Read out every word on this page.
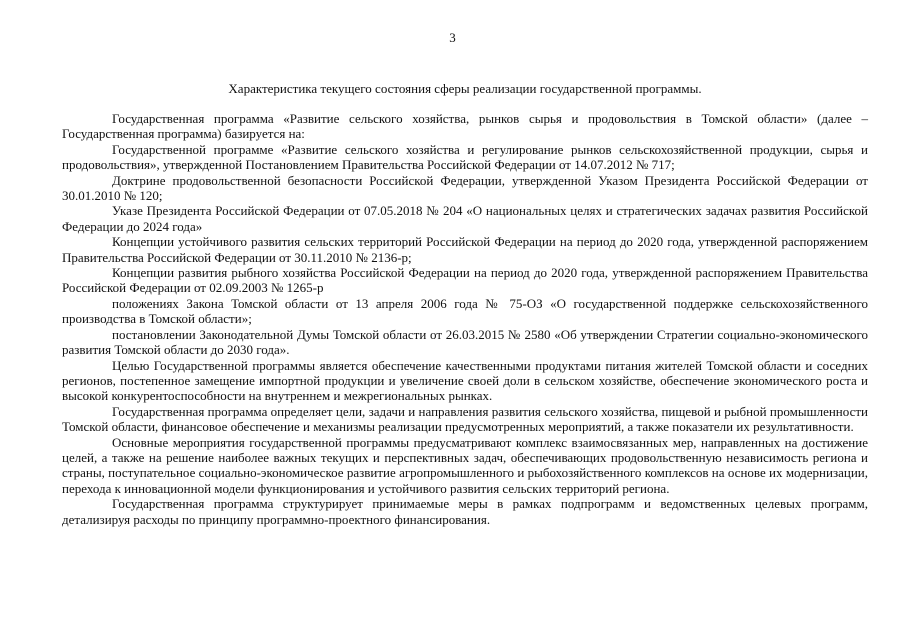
3
Характеристика текущего состояния сферы реализации государственной программы.

Государственная программа «Развитие сельского хозяйства, рынков сырья и продовольствия в Томской области» (далее – Государственная программа) базируется на:

Государственной программе «Развитие сельского хозяйства и регулирование рынков сельскохозяйственной продукции, сырья и продовольствия», утвержденной Постановлением Правительства Российской Федерации от 14.07.2012 № 717;

Доктрине продовольственной безопасности Российской Федерации, утвержденной Указом Президента Российской Федерации от 30.01.2010 № 120;

Указе Президента Российской Федерации от 07.05.2018 № 204 «О национальных целях и стратегических задачах развития Российской Федерации до 2024 года»

Концепции устойчивого развития сельских территорий Российской Федерации на период до 2020 года, утвержденной распоряжением Правительства Российской Федерации от 30.11.2010 № 2136-р;

Концепции развития рыбного хозяйства Российской Федерации на период до 2020 года, утвержденной распоряжением Правительства Российской Федерации от 02.09.2003 № 1265-р

положениях Закона Томской области от 13 апреля 2006 года № 75-ОЗ «О государственной поддержке сельскохозяйственного производства в Томской области»;

постановлении Законодательной Думы Томской области от 26.03.2015 № 2580 «Об утверждении Стратегии социально-экономического развития Томской области до 2030 года».

Целью Государственной программы является обеспечение качественными продуктами питания жителей Томской области и соседних регионов, постепенное замещение импортной продукции и увеличение своей доли в сельском хозяйстве, обеспечение экономического роста и высокой конкурентоспособности на внутреннем и межрегиональных рынках.

Государственная программа определяет цели, задачи и направления развития сельского хозяйства, пищевой и рыбной промышленности Томской области, финансовое обеспечение и механизмы реализации предусмотренных мероприятий, а также показатели их результативности.

Основные мероприятия государственной программы предусматривают комплекс взаимосвязанных мер, направленных на достижение целей, а также на решение наиболее важных текущих и перспективных задач, обеспечивающих продовольственную независимость региона и страны, поступательное социально-экономическое развитие агропромышленного и рыбохозяйственного комплексов на основе их модернизации, перехода к инновационной модели функционирования и устойчивого развития сельских территорий региона.

Государственная программа структурирует принимаемые меры в рамках подпрограмм и ведомственных целевых программ, детализируя расходы по принципу программно-проектного финансирования.
